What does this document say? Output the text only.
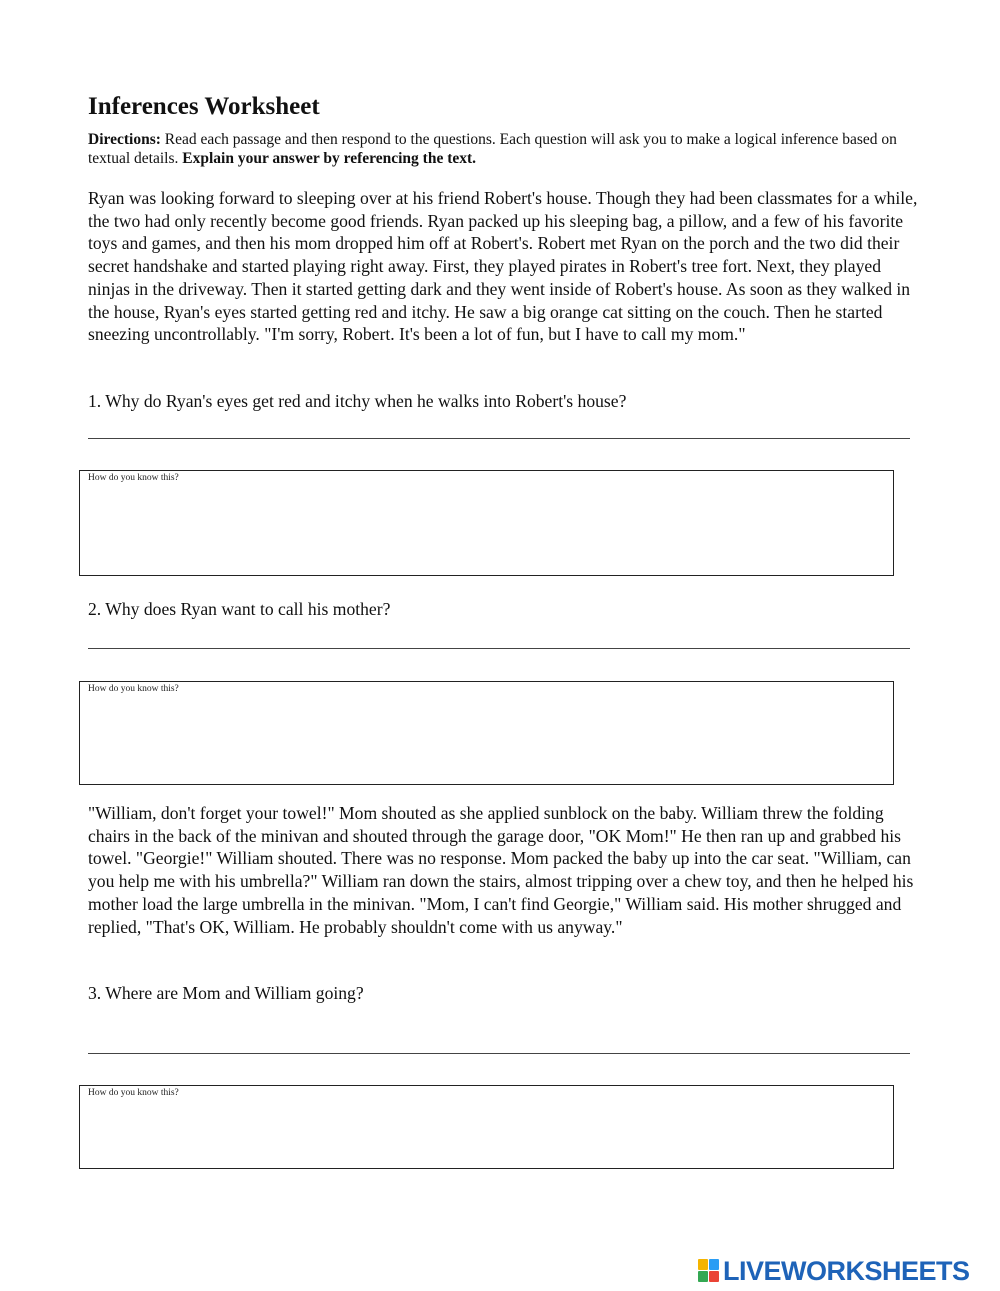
Inferences Worksheet

Directions: Read each passage and then respond to the questions. Each question will ask you to make a logical inference based on textual details. Explain your answer by referencing the text.

Ryan was looking forward to sleeping over at his friend Robert's house. Though they had been classmates for a while, the two had only recently become good friends. Ryan packed up his sleeping bag, a pillow, and a few of his favorite toys and games, and then his mom dropped him off at Robert's. Robert met Ryan on the porch and the two did their secret handshake and started playing right away. First, they played pirates in Robert's tree fort. Next, they played ninjas in the driveway. Then it started getting dark and they went inside of Robert's house. As soon as they walked in the house, Ryan's eyes started getting red and itchy. He saw a big orange cat sitting on the couch. Then he started sneezing uncontrollably. "I'm sorry, Robert. It's been a lot of fun, but I have to call my mom."

1. Why do Ryan's eyes get red and itchy when he walks into Robert's house?

How do you know this?

2. Why does Ryan want to call his mother?

How do you know this?

"William, don't forget your towel!" Mom shouted as she applied sunblock on the baby. William threw the folding chairs in the back of the minivan and shouted through the garage door, "OK Mom!" He then ran up and grabbed his towel. "Georgie!" William shouted. There was no response. Mom packed the baby up into the car seat. "William, can you help me with his umbrella?" William ran down the stairs, almost tripping over a chew toy, and then he helped his mother load the large umbrella in the minivan. "Mom, I can't find Georgie," William said. His mother shrugged and replied, "That's OK, William. He probably shouldn't come with us anyway."

3. Where are Mom and William going?

How do you know this?
LIVEWORKSHEETS
